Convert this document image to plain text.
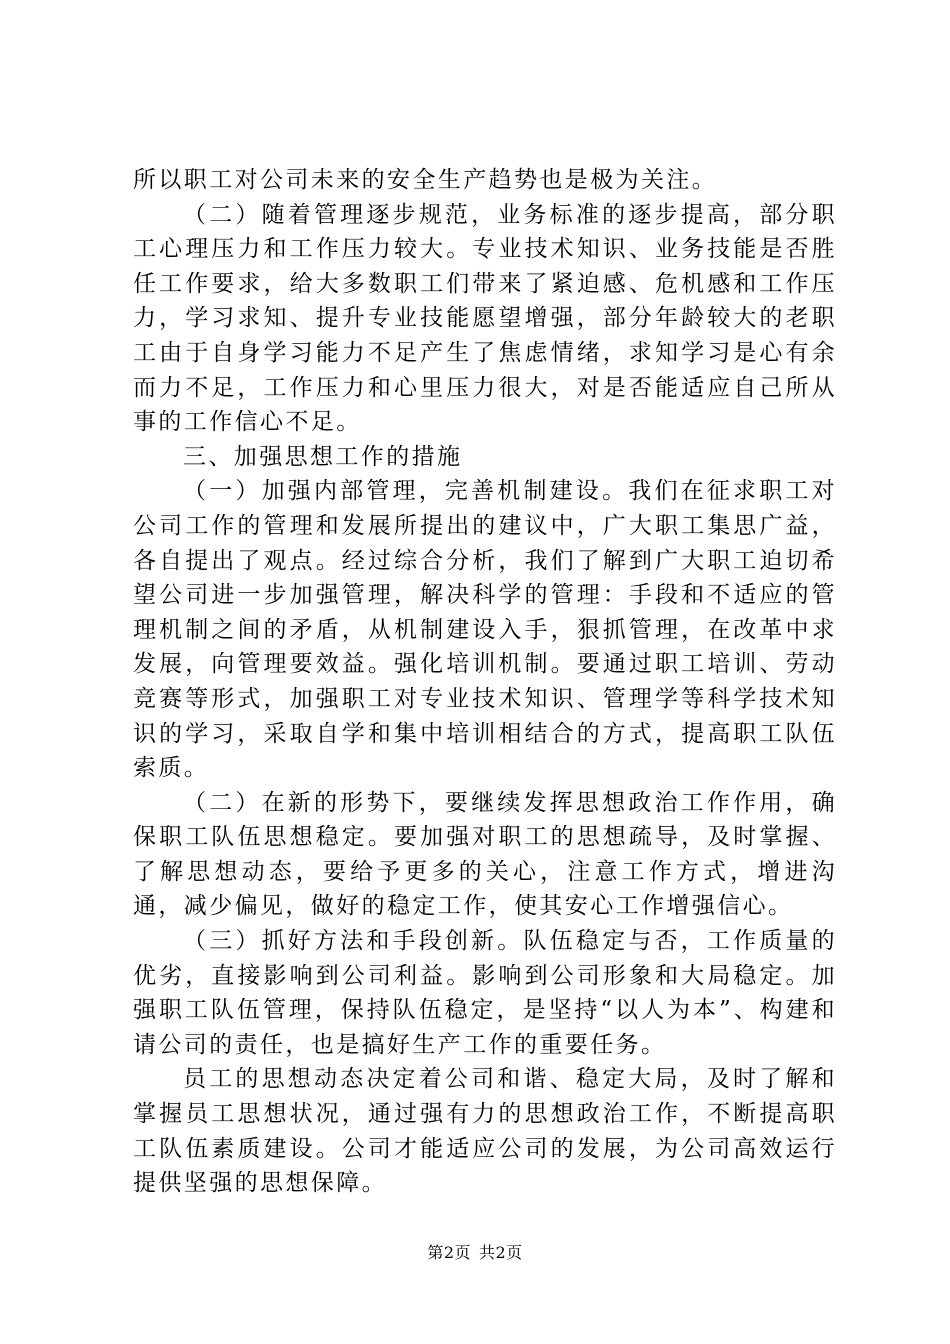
所以职工对公司未来的安全生产趋势也是极为关注。

（二）随着管理逐步规范，业务标准的逐步提高，部分职工心理压力和工作压力较大。专业技术知识、业务技能是否胜任工作要求，给大多数职工们带来了紧迫感、危机感和工作压力，学习求知、提升专业技能愿望增强，部分年龄较大的老职工由于自身学习能力不足产生了焦虑情绪，求知学习是心有余而力不足，工作压力和心里压力很大，对是否能适应自己所从事的工作信心不足。

三、加强思想工作的措施

（一）加强内部管理，完善机制建设。我们在征求职工对公司工作的管理和发展所提出的建议中，广大职工集思广益，各自提出了观点。经过综合分析，我们了解到广大职工迫切希望公司进一步加强管理，解决科学的管理：手段和不适应的管理机制之间的矛盾，从机制建设入手，狠抓管理，在改革中求发展，向管理要效益。强化培训机制。要通过职工培训、劳动竞赛等形式，加强职工对专业技术知识、管理学等科学技术知识的学习，采取自学和集中培训相结合的方式，提高职工队伍索质。

（二）在新的形势下，要继续发挥思想政治工作作用，确保职工队伍思想稳定。要加强对职工的思想疏导，及时掌握、了解思想动态，要给予更多的关心，注意工作方式，增进沟通，减少偏见，做好的稳定工作，使其安心工作增强信心。

（三）抓好方法和手段创新。队伍稳定与否，工作质量的优劣，直接影响到公司利益。影响到公司形象和大局稳定。加强职工队伍管理，保持队伍稳定，是坚持“以人为本”、构建和请公司的责任，也是搞好生产工作的重要任务。

员工的思想动态决定着公司和谐、稳定大局，及时了解和掌握员工思想状况，通过强有力的思想政治工作，不断提高职工队伍素质建设。公司才能适应公司的发展，为公司高效运行提供坚强的思想保障。

第2页 共2页
